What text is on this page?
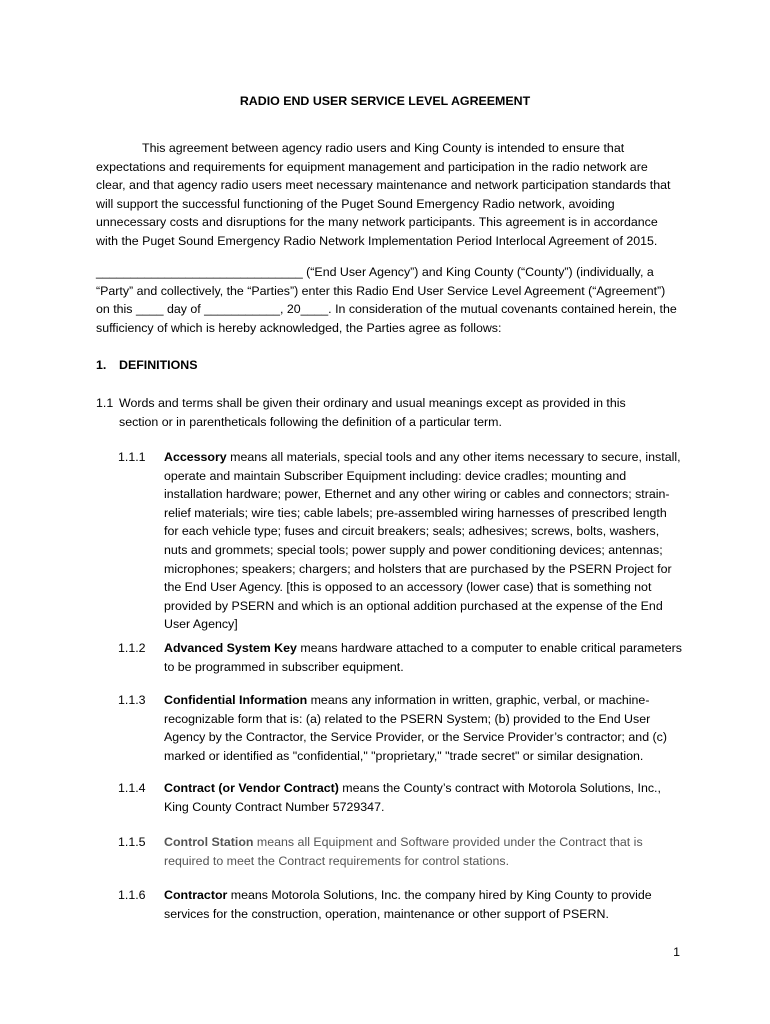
RADIO END USER SERVICE LEVEL AGREEMENT

This agreement between agency radio users and King County is intended to ensure that expectations and requirements for equipment management and participation in the radio network are clear, and that agency radio users meet necessary maintenance and network participation standards that will support the successful functioning of the Puget Sound Emergency Radio network, avoiding unnecessary costs and disruptions for the many network participants. This agreement is in accordance with the Puget Sound Emergency Radio Network Implementation Period Interlocal Agreement of 2015.

______________________________ (“End User Agency”) and King County (“County”) (individually, a “Party” and collectively, the “Parties”) enter this Radio End User Service Level Agreement (“Agreement”) on this ____ day of ___________, 20____. In consideration of the mutual covenants contained herein, the sufficiency of which is hereby acknowledged, the Parties agree as follows:

1. DEFINITIONS
1.1 Words and terms shall be given their ordinary and usual meanings except as provided in this section or in parentheticals following the definition of a particular term.
1.1.1	Accessory means all materials, special tools and any other items necessary to secure, install, operate and maintain Subscriber Equipment including: device cradles; mounting and installation hardware; power, Ethernet and any other wiring or cables and connectors; strain-relief materials; wire ties; cable labels; pre-assembled wiring harnesses of prescribed length for each vehicle type; fuses and circuit breakers; seals; adhesives; screws, bolts, washers, nuts and grommets; special tools; power supply and power conditioning devices; antennas; microphones; speakers; chargers; and holsters that are purchased by the PSERN Project for the End User Agency. [this is opposed to an accessory (lower case) that is something not provided by PSERN and which is an optional addition purchased at the expense of the End User Agency]
1.1.2	Advanced System Key means hardware attached to a computer to enable critical parameters to be programmed in subscriber equipment.
1.1.3	Confidential Information means any information in written, graphic, verbal, or machine-recognizable form that is: (a) related to the PSERN System; (b) provided to the End User Agency by the Contractor, the Service Provider, or the Service Provider’s contractor; and (c) marked or identified as "confidential," "proprietary," "trade secret" or similar designation.
1.1.4	Contract (or Vendor Contract) means the County’s contract with Motorola Solutions, Inc., King County Contract Number 5729347.
1.1.5	Control Station means all Equipment and Software provided under the Contract that is required to meet the Contract requirements for control stations.
1.1.6	Contractor means Motorola Solutions, Inc. the company hired by King County to provide services for the construction, operation, maintenance or other support of PSERN.
1
